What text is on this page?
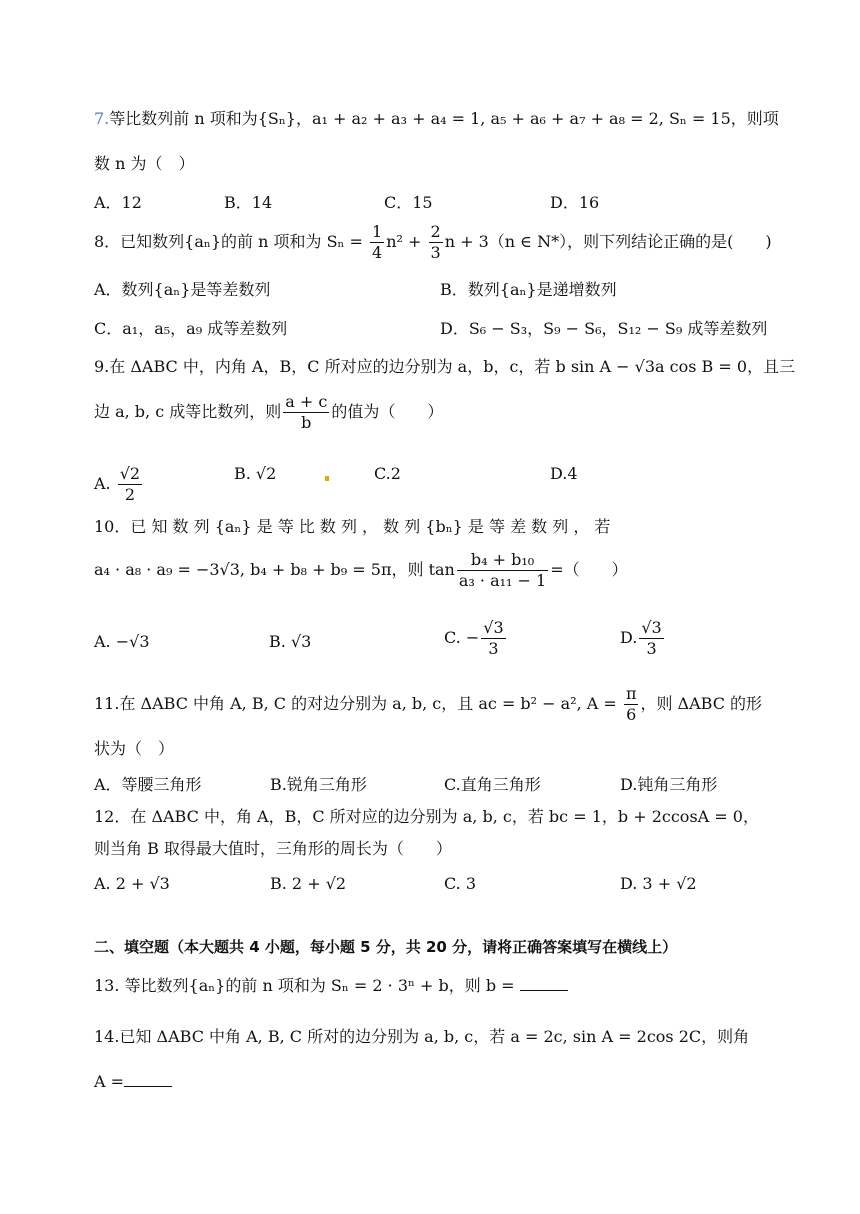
7.等比数列前 n 项和为{Sₙ}，a₁ + a₂ + a₃ + a₄ = 1, a₅ + a₆ + a₇ + a₈ = 2, Sₙ = 15，则项
数 n 为（　）
A．12	B．14	C．15	D．16
8．已知数列{aₙ}的前 n 项和为 $S_n = \frac{1}{4} n^2 + \frac{2}{3}$ n + 3（n ∈ N*），则下列结论正确的是(　　)
A．数列{aₙ}是等差数列	B．数列{aₙ}是递增数列
C．a₁，a₅，a₉ 成等差数列	D．S₆ − S₃，S₉ − S₆，S₁₂ − S₉ 成等差数列
9.在 ΔABC 中，内角 A，B，C 所对应的边分别为 a，b，c，若 b sin A − √3a cos B = 0，且三
边 a, b, c 成等比数列，则 $\frac{a + c}{b}$ 的值为（　　）
A. $\frac{√2}{2}$	B. √2	C.2	D.4
10．已 知 数 列 {aₙ} 是 等 比 数 列 ， 数 列 {bₙ} 是 等 差 数 列 ， 若
a₄ · a₈ · a₉ = −3√3, b₄ + b₈ + b₉ = 5π，则 $\tan \frac{\text{b₄ + b₁₀}}{\text{a₃ · a₁₁ − 1}}$ =（　　）
A. −√3	B. √3	C. − $\frac{√3}{3}$	D. $\frac{√3}{3}$
11.在 ΔABC 中角 A, B, C 的对边分别为 a, b, c，且 ac = b² − a², $A = \frac{\pi}{6}$ ，则 ΔABC 的形
状为（　）
A．等腰三角形	B.锐角三角形	C.直角三角形	D.钝角三角形
12．在 ΔABC 中，角 A，B，C 所对应的边分别为 a, b, c，若 bc = 1，b + 2ccosA = 0，
则当角 B 取得最大值时，三角形的周长为（　　）
A. 2 + √3	B. 2 + √2	C. 3	D. 3 + √2
二、填空题（本大题共 4 小题，每小题 5 分，共 20 分，请将正确答案填写在横线上）
13. 等比数列{aₙ}的前 n 项和为 Sₙ = 2 · 3ⁿ + b，则 b =
14.已知 ΔABC 中角 A, B, C 所对的边分别为 a, b, c，若 a = 2c, sin A = 2cos 2C，则角
A =
